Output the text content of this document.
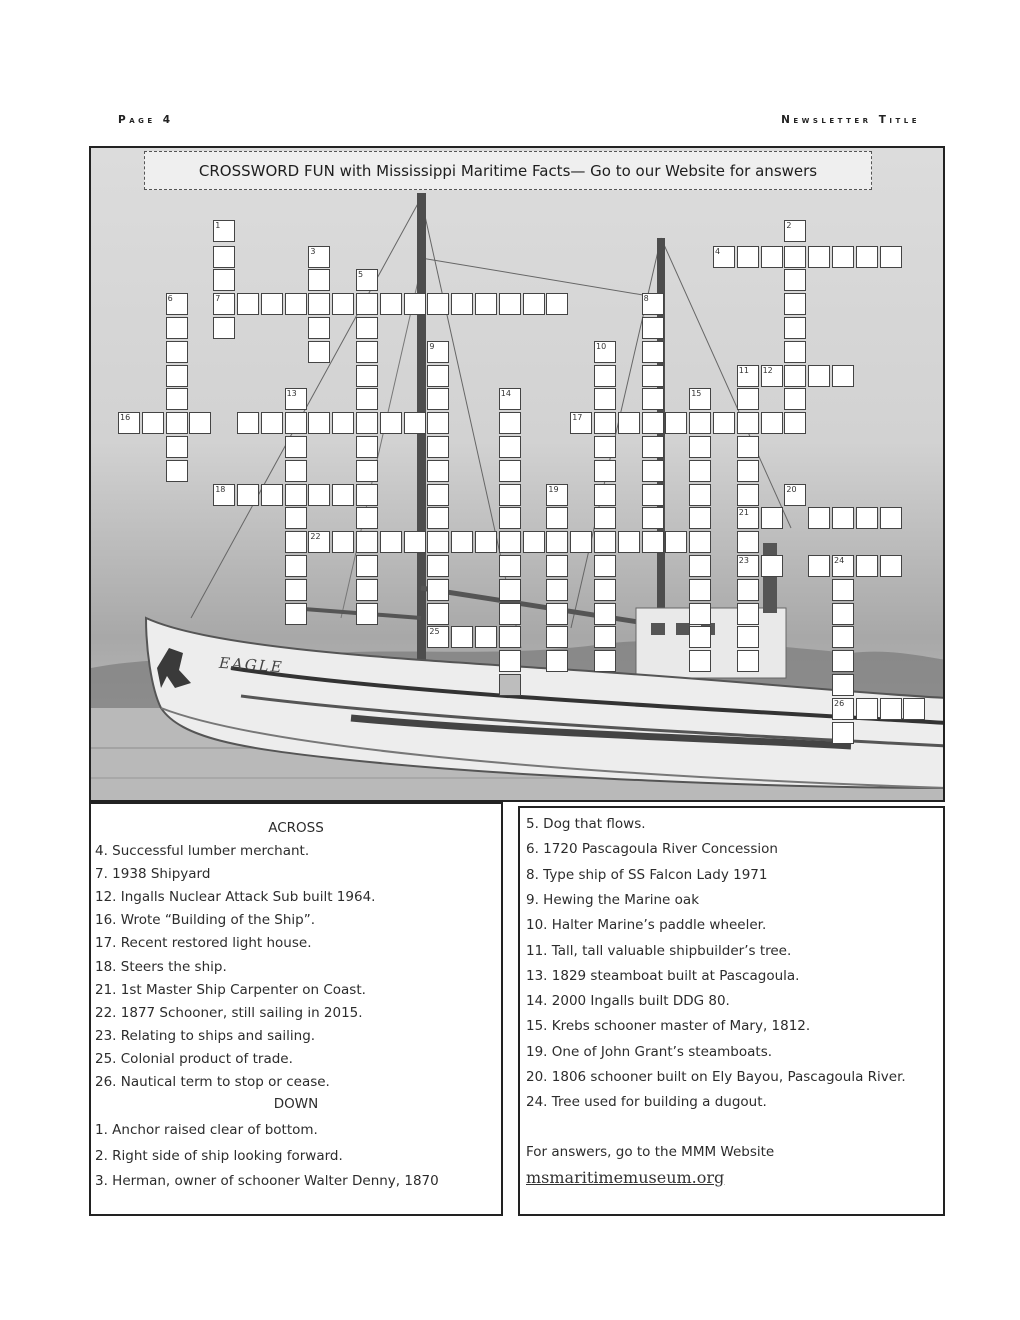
Page 4	Newsletter Title
EAGLE
1	2
3	4
5
6	7	8
9	10
11 12
13	14	15
16	17
18	19	20
21
22
23	24
25
26
CROSSWORD FUN with Mississippi Maritime Facts— Go to our Website for answers
ACROSS
4. Successful lumber merchant.
7. 1938 Shipyard
12. Ingalls Nuclear Attack Sub built 1964.
16. Wrote “Building of the Ship”.
17. Recent restored light house.
18. Steers the ship.
21. 1st Master Ship Carpenter on Coast.
22. 1877 Schooner, still sailing in 2015.
23. Relating to ships and sailing.
25. Colonial product of trade.
26. Nautical term to stop or cease.
DOWN
1. Anchor raised clear of bottom.
2. Right side of ship looking forward.
3. Herman, owner of schooner Walter Denny, 1870
5. Dog that flows.
6. 1720 Pascagoula River Concession
8. Type ship of SS Falcon Lady 1971
9. Hewing the Marine oak
10. Halter Marine’s paddle wheeler.
11. Tall, tall valuable shipbuilder’s tree.
13. 1829 steamboat built at Pascagoula.
14. 2000 Ingalls built DDG 80.
15. Krebs schooner master of Mary, 1812.
19. One of John Grant’s steamboats.
20. 1806 schooner built on Ely Bayou, Pascagoula River.
24. Tree used for building a dugout.
For answers, go to the MMM Website
msmaritimemuseum.org
